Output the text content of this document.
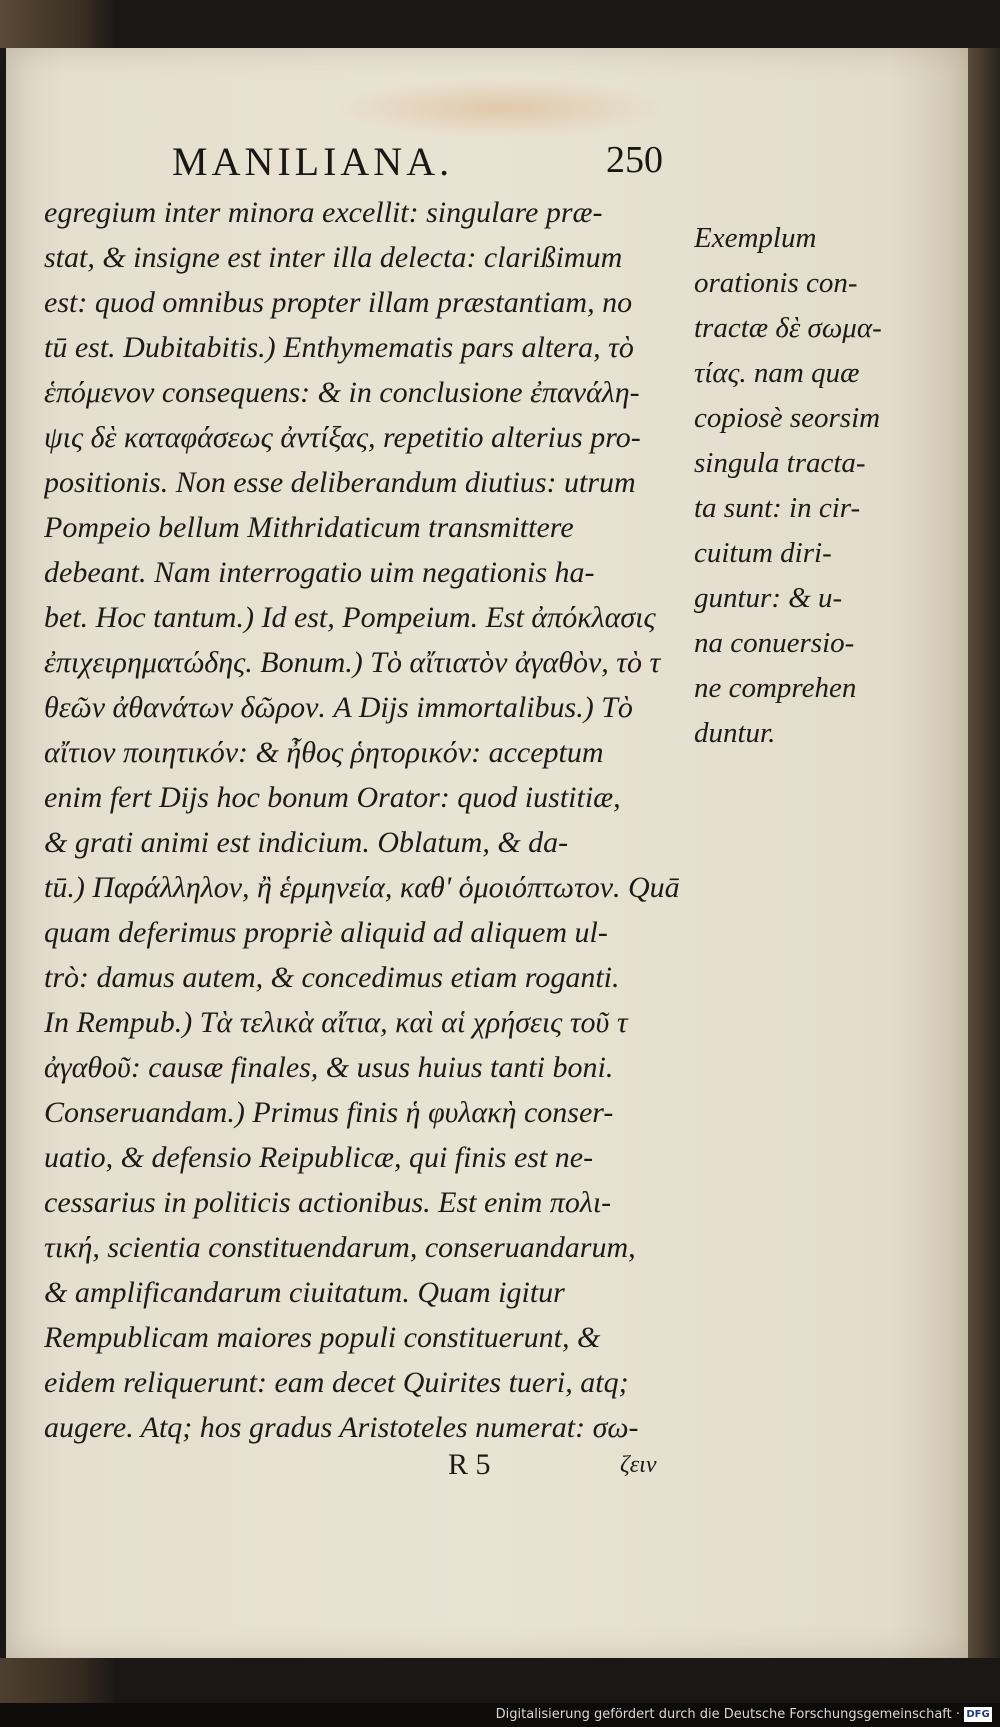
MANILIANA.	250
egregium inter minora excellit: singulare præ-
stat, & insigne est inter illa delecta: clarißimum
est: quod omnibus propter illam præstantiam, no
tū est. Dubitabitis.) Enthymematis pars altera, τὸ
ἑπόμενον consequens: & in conclusione ἐπανάλη-
ψις δὲ καταφάσεως ἀντίξας, repetitio alterius pro-
positionis. Non esse deliberandum diutius: utrum
Pompeio bellum Mithridaticum transmittere
debeant. Nam interrogatio uim negationis ha-
bet. Hoc tantum.) Id est, Pompeium. Est ἀπόκλασις
ἐπιχειρηματώδης. Bonum.) Τὸ αἴτιατὸν ἀγαθὸν, τὸ τ
θεῶν ἀθανάτων δῶρον. A Dijs immortalibus.) Τὸ
αἴτιον ποιητικόν: & ἦθος ῥητορικόν: acceptum
enim fert Dijs hoc bonum Orator: quod iustitiæ,
& grati animi est indicium. Oblatum, & da-
tū.) Παράλληλον, ἢ ἑρμηνεία, καθ' ὁμοιόπτωτον. Quā
quam deferimus propriè aliquid ad aliquem ul-
trò: damus autem, & concedimus etiam roganti.
In Rempub.) Τὰ τελικὰ αἴτια, καὶ αἱ χρήσεις τοῦ τ
ἀγαθοῦ: causæ finales, & usus huius tanti boni.
Conseruandam.) Primus finis ἡ φυλακὴ conser-
uatio, & defensio Reipublicæ, qui finis est ne-
cessarius in politicis actionibus. Est enim πολι-
τική, scientia constituendarum, conseruandarum,
& amplificandarum ciuitatum. Quam igitur
Rempublicam maiores populi constituerunt, &
eidem reliquerunt: eam decet Quirites tueri, atq;
augere. Atq; hos gradus Aristoteles numerat: σω-
Exemplum
orationis con-
tractæ δὲ σωμα-
τίας. nam quæ
copiosè seorsim
singula tracta-
ta sunt: in cir-
cuitum diri-
guntur: & u-
na conuersio-
ne comprehen
duntur.
R 5	ζειν
Digitalisierung gefördert durch die Deutsche Forschungsgemeinschaft · DFG
